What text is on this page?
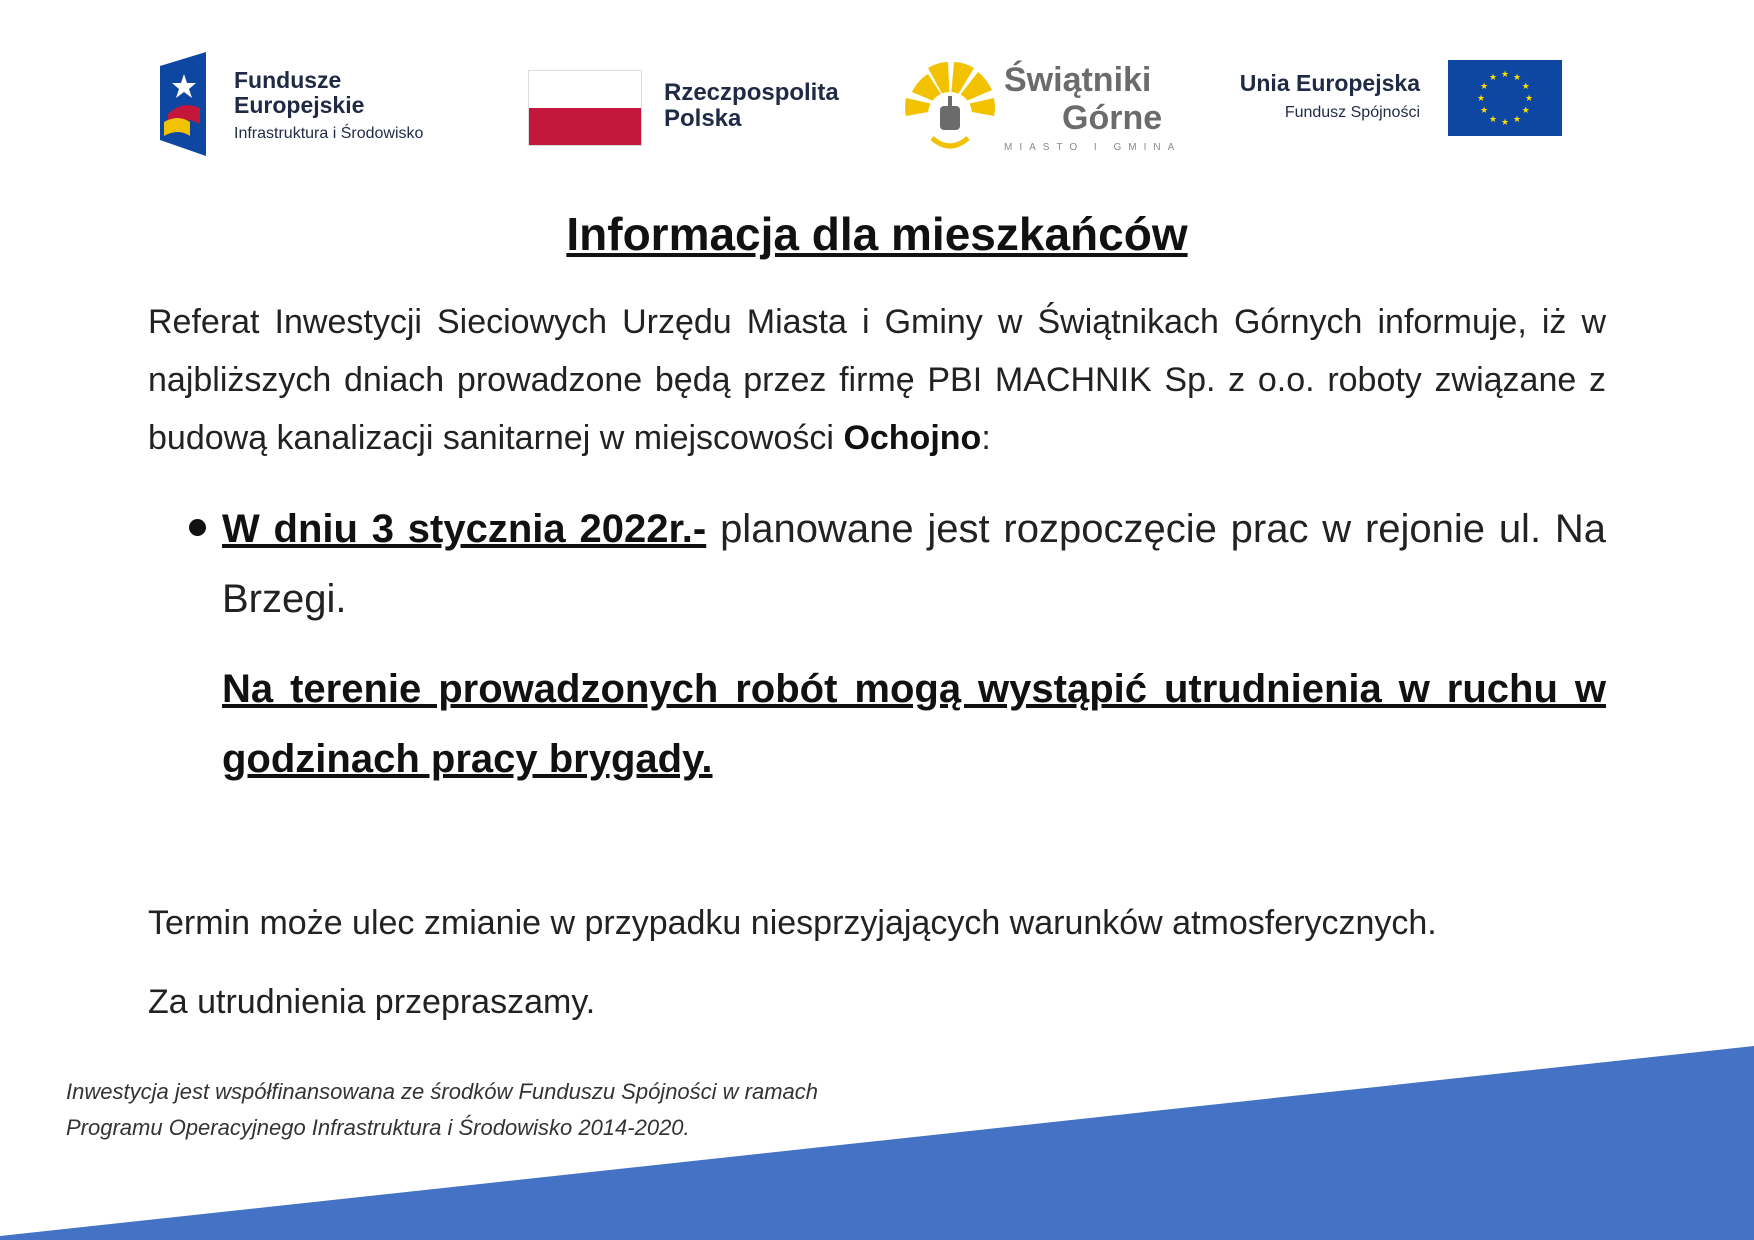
Fundusze
Europejskie
Infrastruktura i Środowisko
Rzeczpospolita
Polska
Świątniki
Górne
MIASTO I GMINA
Unia Europejska
Fundusz Spójności
★ ★
★
★
★
★
★
★
★
★
★
★
Informacja dla mieszkańców
Referat Inwestycji Sieciowych Urzędu Miasta i Gminy w Świątnikach Górnych informuje, iż w najbliższych dniach prowadzone będą przez firmę PBI MACHNIK Sp. z o.o. roboty związane z budową kanalizacji sanitarnej w miejscowości Ochojno:
W dniu 3 stycznia 2022r.- planowane jest rozpoczęcie prac w rejonie ul. Na Brzegi.
Na terenie prowadzonych robót mogą wystąpić utrudnienia w ruchu w godzinach pracy brygady.
Termin może ulec zmianie w przypadku niesprzyjających warunków atmosferycznych.
Za utrudnienia przepraszamy.
Inwestycja jest współfinansowana ze środków Funduszu Spójności w ramach
Programu Operacyjnego Infrastruktura i Środowisko 2014-2020.
